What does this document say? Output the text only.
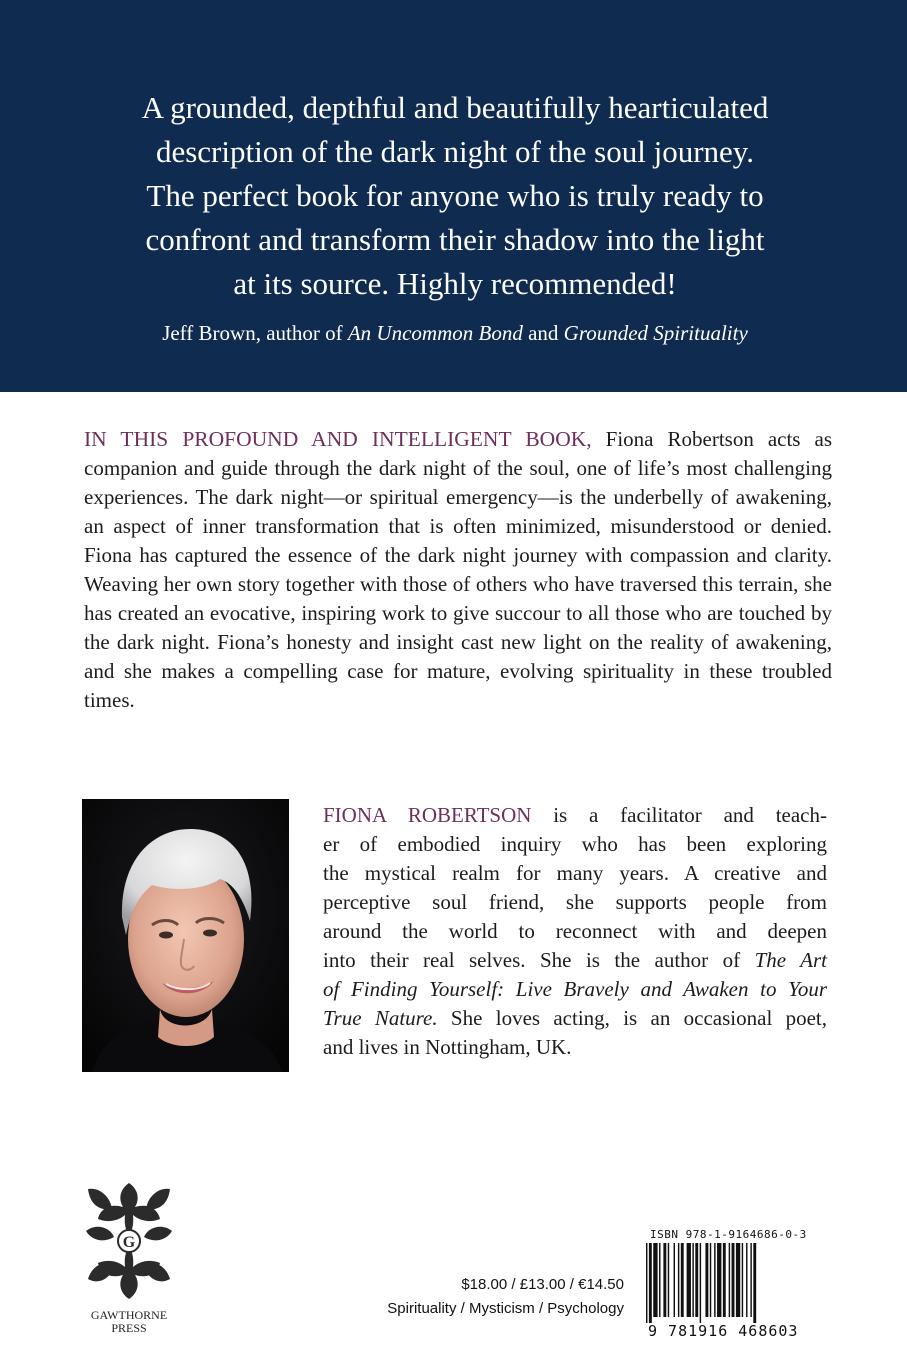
A grounded, depthful and beautifully hearticulated
description of the dark night of the soul journey.
The perfect book for anyone who is truly ready to
confront and transform their shadow into the light
at its source. Highly recommended!
Jeff Brown, author of An Uncommon Bond and Grounded Spirituality
IN THIS PROFOUND AND INTELLIGENT BOOK, Fiona Robertson acts as companion and guide through the dark night of the soul, one of life’s most challenging experiences. The dark night—or spiritual emergency—is the underbelly of awakening, an aspect of inner transformation that is often minimized, misunderstood or denied. Fiona has captured the essence of the dark night journey with compassion and clarity. Weaving her own story together with those of others who have traversed this terrain, she has created an evocative, inspiring work to give succour to all those who are touched by the dark night. Fiona’s honesty and insight cast new light on the reality of awakening, and she makes a compelling case for mature, evolving spirituality in these troubled times.
FIONA ROBERTSON is a facilitator and teach-
er of embodied inquiry who has been exploring
the mystical realm for many years. A creative and
perceptive soul friend, she supports people from
around the world to reconnect with and deepen
into their real selves. She is the author of The Art
of Finding Yourself: Live Bravely and Awaken to Your
True Nature. She loves acting, is an occasional poet,
and lives in Nottingham, UK.
G
GAWTHORNE
PRESS
$18.00 / £13.00 / €14.50
Spirituality / Mysticism / Psychology
ISBN 978-1-9164686-0-3
9 781916 468603
